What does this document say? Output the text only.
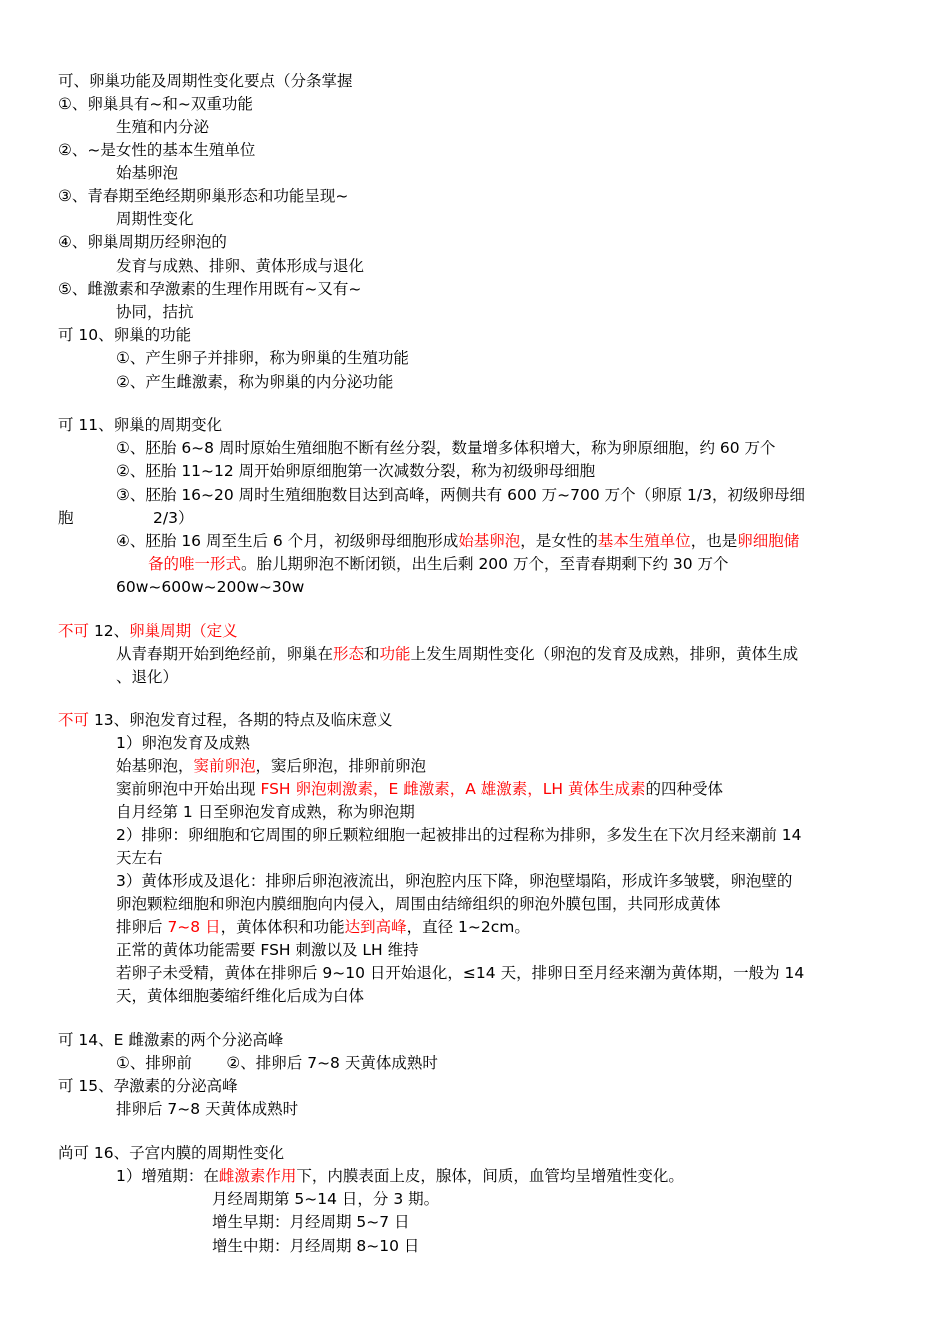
可、卵巢功能及周期性变化要点（分条掌握
①、卵巢具有~和~双重功能
生殖和内分泌
②、~是女性的基本生殖单位
始基卵泡
③、青春期至绝经期卵巢形态和功能呈现~
周期性变化
④、卵巢周期历经卵泡的
发育与成熟、排卵、黄体形成与退化
⑤、雌激素和孕激素的生理作用既有~又有~
协同，拮抗
可 10、卵巢的功能
①、产生卵子并排卵，称为卵巢的生殖功能
②、产生雌激素，称为卵巢的内分泌功能
可 11、卵巢的周期变化
①、胚胎 6~8 周时原始生殖细胞不断有丝分裂，数量增多体积增大，称为卵原细胞，约 60 万个
②、胚胎 11~12 周开始卵原细胞第一次减数分裂，称为初级卵母细胞
③、胚胎 16~20 周时生殖细胞数目达到高峰，两侧共有 600 万~700 万个（卵原 1/3，初级卵母细
胞	2/3）
④、胚胎 16 周至生后 6 个月，初级卵母细胞形成始基卵泡，是女性的基本生殖单位，也是卵细胞储
备的唯一形式。胎儿期卵泡不断闭锁，出生后剩 200 万个，至青春期剩下约 30 万个
60w~600w~200w~30w
不可 12、卵巢周期（定义
从青春期开始到绝经前，卵巢在形态和功能上发生周期性变化（卵泡的发育及成熟，排卵，黄体生成
、退化）
不可 13、卵泡发育过程，各期的特点及临床意义
1）卵泡发育及成熟
始基卵泡，窦前卵泡，窦后卵泡，排卵前卵泡
窦前卵泡中开始出现 FSH 卵泡刺激素，E 雌激素，A 雄激素，LH 黄体生成素的四种受体
自月经第 1 日至卵泡发育成熟，称为卵泡期
2）排卵：卵细胞和它周围的卵丘颗粒细胞一起被排出的过程称为排卵，多发生在下次月经来潮前 14
天左右
3）黄体形成及退化：排卵后卵泡液流出，卵泡腔内压下降，卵泡壁塌陷，形成许多皱襞，卵泡壁的
卵泡颗粒细胞和卵泡内膜细胞向内侵入，周围由结缔组织的卵泡外膜包围，共同形成黄体
排卵后 7~8 日，黄体体积和功能达到高峰，直径 1~2cm。
正常的黄体功能需要 FSH 刺激以及 LH 维持
若卵子未受精，黄体在排卵后 9~10 日开始退化，≤14 天，排卵日至月经来潮为黄体期，一般为 14
天，黄体细胞萎缩纤维化后成为白体
可 14、E 雌激素的两个分泌高峰
①、排卵前       ②、排卵后 7~8 天黄体成熟时
可 15、孕激素的分泌高峰
排卵后 7~8 天黄体成熟时
尚可 16、子宫内膜的周期性变化
1）增殖期：在雌激素作用下，内膜表面上皮，腺体，间质，血管均呈增殖性变化。
月经周期第 5~14 日，分 3 期。
增生早期：月经周期 5~7 日
增生中期：月经周期 8~10 日
